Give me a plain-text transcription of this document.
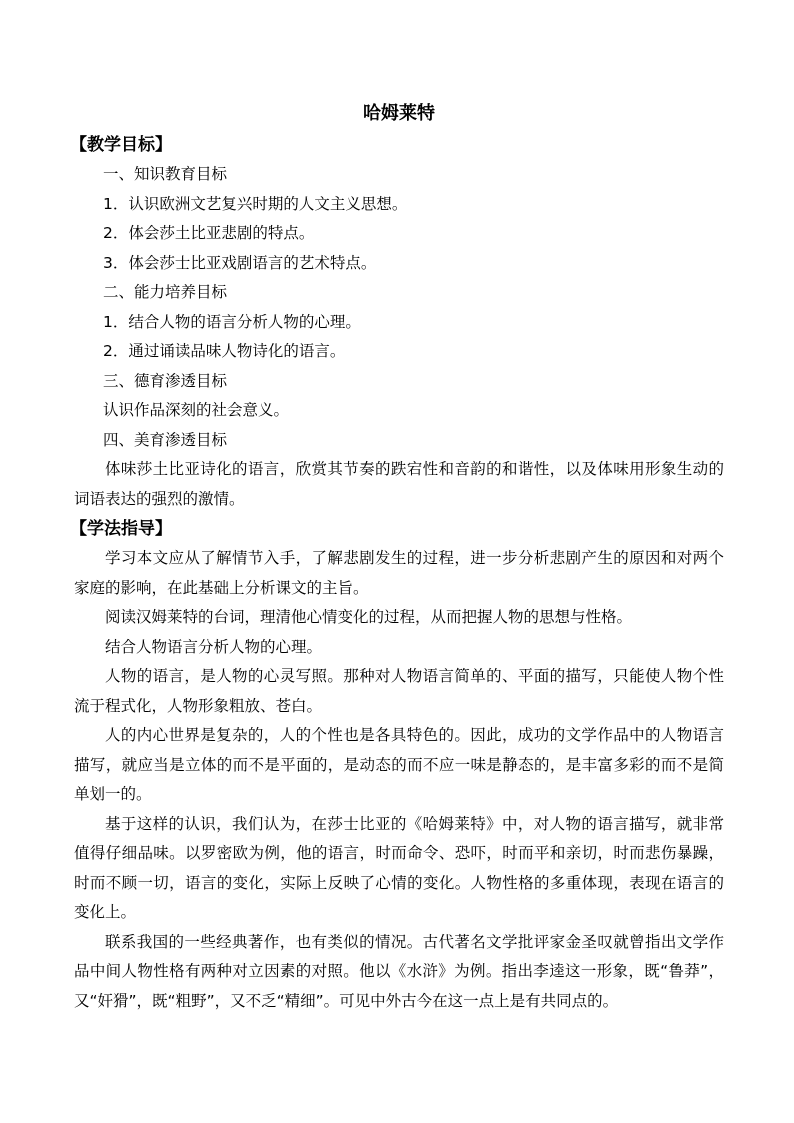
哈姆莱特
【教学目标】
一、知识教育目标
1．认识欧洲文艺复兴时期的人文主义思想。
2．体会莎土比亚悲剧的特点。
3．体会莎士比亚戏剧语言的艺术特点。
二、能力培养目标
1．结合人物的语言分析人物的心理。
2．通过诵读品味人物诗化的语言。
三、德育渗透目标
认识作品深刻的社会意义。
四、美育渗透目标

体味莎土比亚诗化的语言，欣赏其节奏的跌宕性和音韵的和谐性，以及体味用形象生动的词语表达的强烈的激情。

【学法指导】

学习本文应从了解情节入手，了解悲剧发生的过程，进一步分析悲剧产生的原因和对两个家庭的影响，在此基础上分析课文的主旨。

阅读汉姆莱特的台词，理清他心情变化的过程，从而把握人物的思想与性格。

结合人物语言分析人物的心理。

人物的语言，是人物的心灵写照。那种对人物语言简单的、平面的描写，只能使人物个性流于程式化，人物形象粗放、苍白。

人的内心世界是复杂的，人的个性也是各具特色的。因此，成功的文学作品中的人物语言描写，就应当是立体的而不是平面的，是动态的而不应一味是静态的，是丰富多彩的而不是简单划一的。

基于这样的认识，我们认为，在莎士比亚的《哈姆莱特》中，对人物的语言描写，就非常值得仔细品味。以罗密欧为例，他的语言，时而命令、恐吓，时而平和亲切，时而悲伤暴躁，时而不顾一切，语言的变化，实际上反映了心情的变化。人物性格的多重体现，表现在语言的变化上。

联系我国的一些经典著作，也有类似的情况。古代著名文学批评家金圣叹就曾指出文学作品中间人物性格有两种对立因素的对照。他以《水浒》为例。指出李逵这一形象，既“鲁莽”，又“奸猾”，既“粗野”，又不乏“精细”。可见中外古今在这一点上是有共同点的。
